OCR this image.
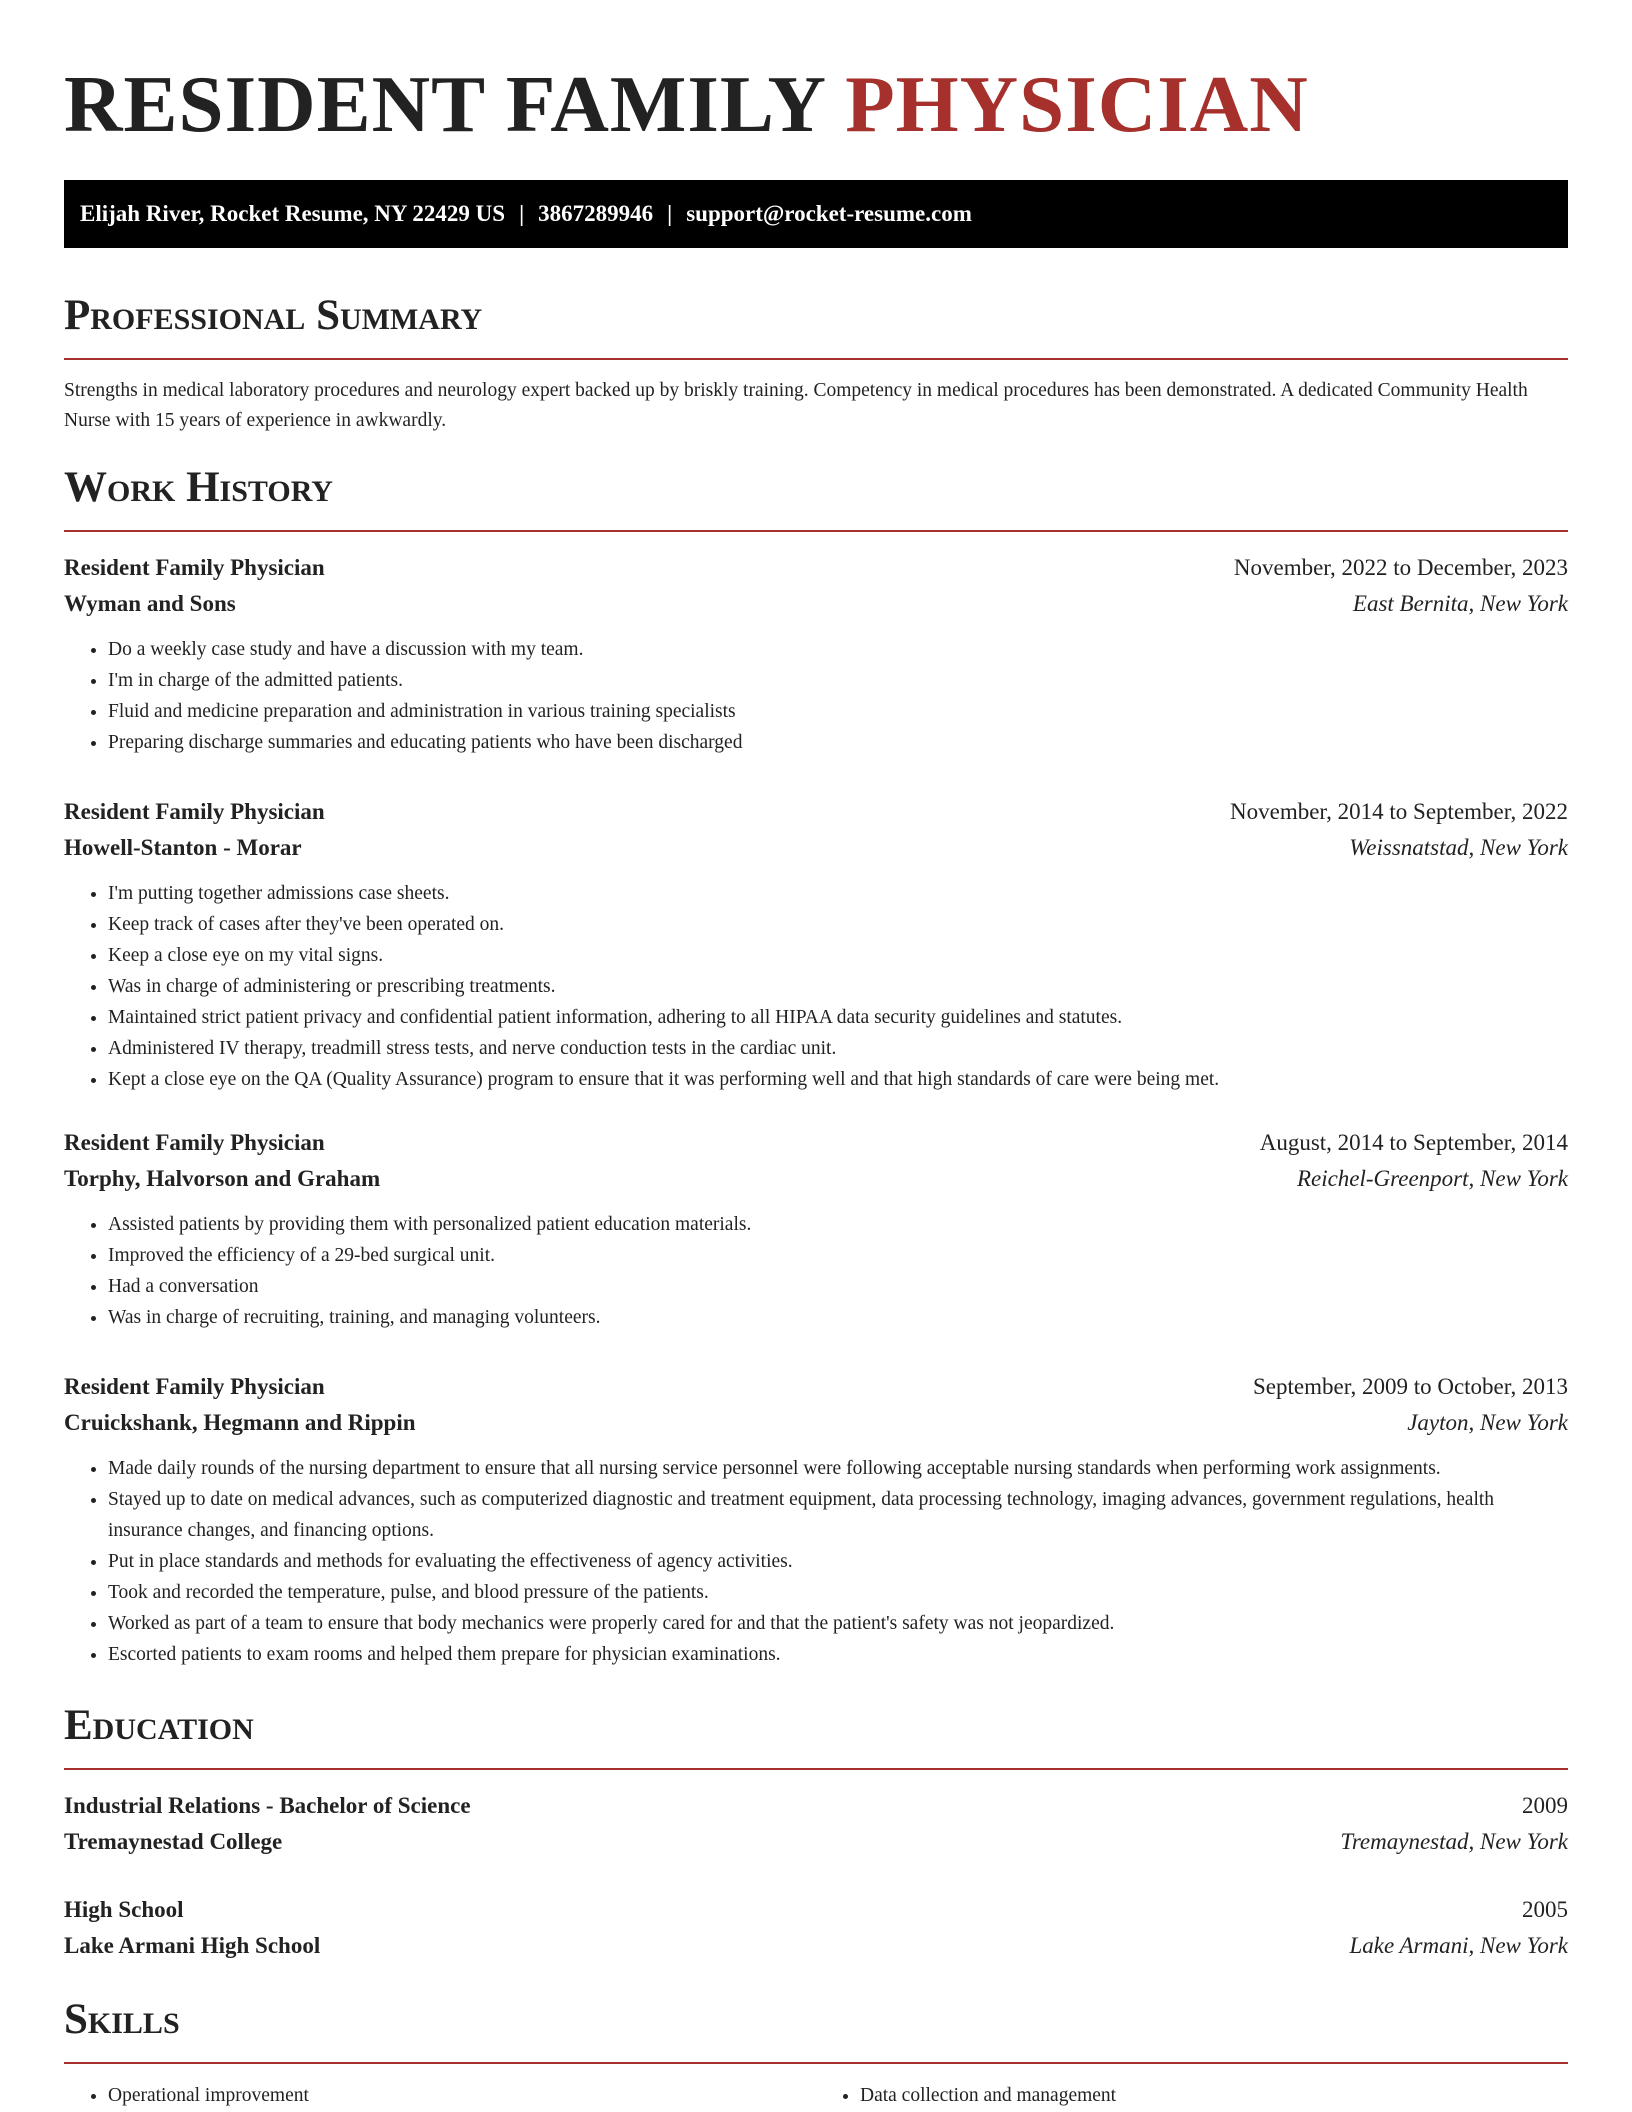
RESIDENT FAMILY PHYSICIAN
Elijah River, Rocket Resume, NY 22429 US | 3867289946 | support@rocket-resume.com
Professional Summary

Strengths in medical laboratory procedures and neurology expert backed up by briskly training. Competency in medical procedures has been demonstrated. A dedicated Community Health Nurse with 15 years of experience in awkwardly.

Work History
Resident Family Physician	November, 2022 to December, 2023
Wyman and Sons	East Bernita, New York
• Do a weekly case study and have a discussion with my team.
• I'm in charge of the admitted patients.
• Fluid and medicine preparation and administration in various training specialists
• Preparing discharge summaries and educating patients who have been discharged
Resident Family Physician	November, 2014 to September, 2022
Howell-Stanton - Morar	Weissnatstad, New York
• I'm putting together admissions case sheets.
• Keep track of cases after they've been operated on.
• Keep a close eye on my vital signs.
• Was in charge of administering or prescribing treatments.
• Maintained strict patient privacy and confidential patient information, adhering to all HIPAA data security guidelines and statutes.
• Administered IV therapy, treadmill stress tests, and nerve conduction tests in the cardiac unit.
• Kept a close eye on the QA (Quality Assurance) program to ensure that it was performing well and that high standards of care were being met.
Resident Family Physician	August, 2014 to September, 2014
Torphy, Halvorson and Graham	Reichel-Greenport, New York
• Assisted patients by providing them with personalized patient education materials.
• Improved the efficiency of a 29-bed surgical unit.
• Had a conversation
• Was in charge of recruiting, training, and managing volunteers.
Resident Family Physician	September, 2009 to October, 2013
Cruickshank, Hegmann and Rippin	Jayton, New York
• Made daily rounds of the nursing department to ensure that all nursing service personnel were following acceptable nursing standards when performing work assignments.
• Stayed up to date on medical advances, such as computerized diagnostic and treatment equipment, data processing technology, imaging advances, government regulations, health insurance changes, and financing options.
• Put in place standards and methods for evaluating the effectiveness of agency activities.
• Took and recorded the temperature, pulse, and blood pressure of the patients.
• Worked as part of a team to ensure that body mechanics were properly cared for and that the patient's safety was not jeopardized.
• Escorted patients to exam rooms and helped them prepare for physician examinations.
Education
Industrial Relations - Bachelor of Science	2009
Tremaynestad College	Tremaynestad, New York
High School	2005
Lake Armani High School	Lake Armani, New York
Skills
• Operational improvement
•	Data collection and management
